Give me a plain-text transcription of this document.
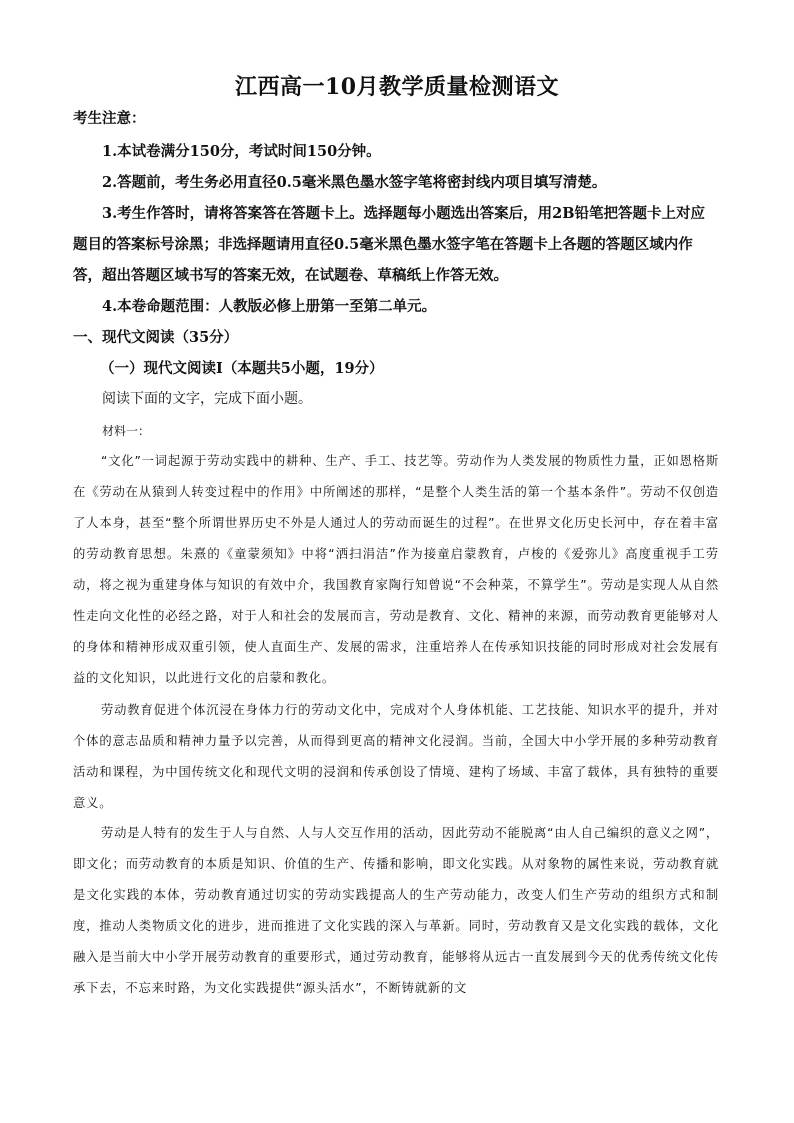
江西高一10月教学质量检测语文
考生注意：
1.本试卷满分150分，考试时间150分钟。
2.答题前，考生务必用直径0.5毫米黑色墨水签字笔将密封线内项目填写清楚。
3.考生作答时，请将答案答在答题卡上。选择题每小题选出答案后，用2B铅笔把答题卡上对应题目的答案标号涂黑；非选择题请用直径0.5毫米黑色墨水签字笔在答题卡上各题的答题区域内作答，超出答题区域书写的答案无效，在试题卷、草稿纸上作答无效。
4.本卷命题范围：人教版必修上册第一至第二单元。
一、现代文阅读（35分）
（一）现代文阅读Ⅰ（本题共5小题，19分）
阅读下面的文字，完成下面小题。
材料一：
“文化”一词起源于劳动实践中的耕种、生产、手工、技艺等。劳动作为人类发展的物质性力量，正如恩格斯在《劳动在从猿到人转变过程中的作用》中所阐述的那样，“是整个人类生活的第一个基本条件”。劳动不仅创造了人本身，甚至“整个所谓世界历史不外是人通过人的劳动而诞生的过程”。在世界文化历史长河中，存在着丰富的劳动教育思想。朱熹的《童蒙须知》中将“洒扫涓洁”作为接童启蒙教育，卢梭的《爱弥儿》高度重视手工劳动，将之视为重建身体与知识的有效中介，我国教育家陶行知曾说“不会种菜，不算学生”。劳动是实现人从自然性走向文化性的必经之路，对于人和社会的发展而言，劳动是教育、文化、精神的来源，而劳动教育更能够对人的身体和精神形成双重引领，使人直面生产、发展的需求，注重培养人在传承知识技能的同时形成对社会发展有益的文化知识，以此进行文化的启蒙和教化。
劳动教育促进个体沉浸在身体力行的劳动文化中，完成对个人身体机能、工艺技能、知识水平的提升，并对个体的意志品质和精神力量予以完善，从而得到更高的精神文化浸润。当前，全国大中小学开展的多种劳动教育活动和课程，为中国传统文化和现代文明的浸润和传承创设了情境、建构了场域、丰富了载体，具有独特的重要意义。
劳动是人特有的发生于人与自然、人与人交互作用的活动，因此劳动不能脱离“由人自己编织的意义之网”，即文化；而劳动教育的本质是知识、价值的生产、传播和影响，即文化实践。从对象物的属性来说，劳动教育就是文化实践的本体，劳动教育通过切实的劳动实践提高人的生产劳动能力，改变人们生产劳动的组织方式和制度，推动人类物质文化的进步，进而推进了文化实践的深入与革新。同时，劳动教育又是文化实践的载体，文化融入是当前大中小学开展劳动教育的重要形式，通过劳动教育，能够将从远古一直发展到今天的优秀传统文化传承下去，不忘来时路，为文化实践提供“源头活水”，不断铸就新的文
